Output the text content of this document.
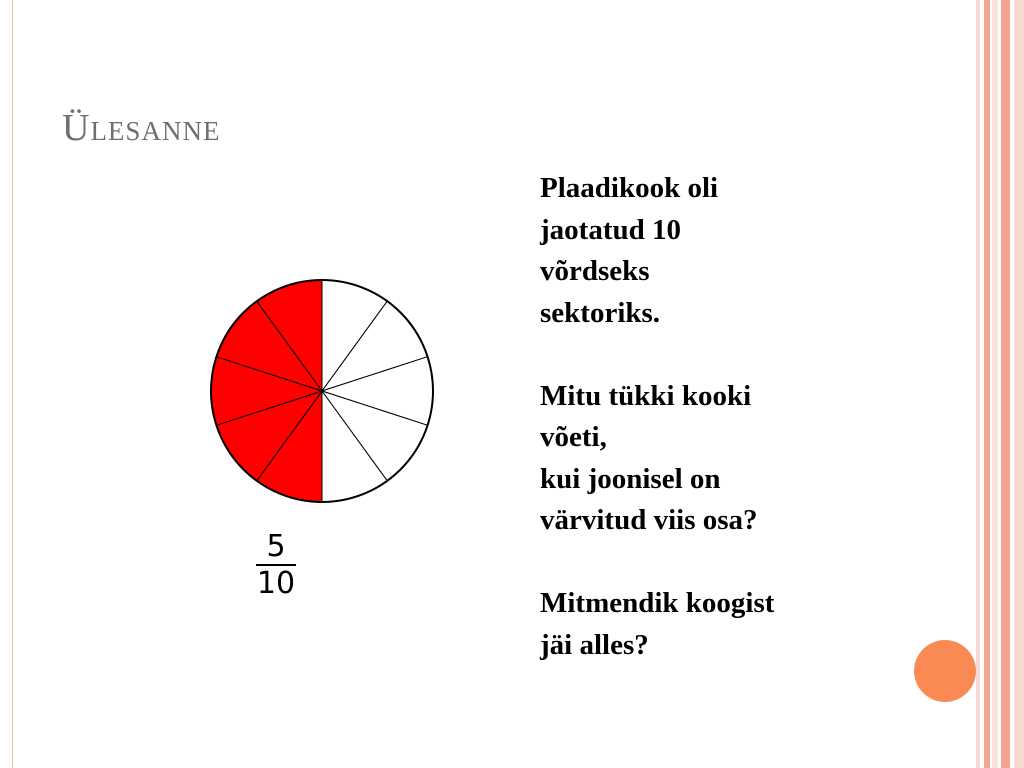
Ülesanne

Plaadikook oli
jaotatud 10
võrdseks
sektoriks.

Mitu tükki kooki
võeti,
kui joonisel on
värvitud viis osa?

Mitmendik koogist
jäi alles?

5
10
